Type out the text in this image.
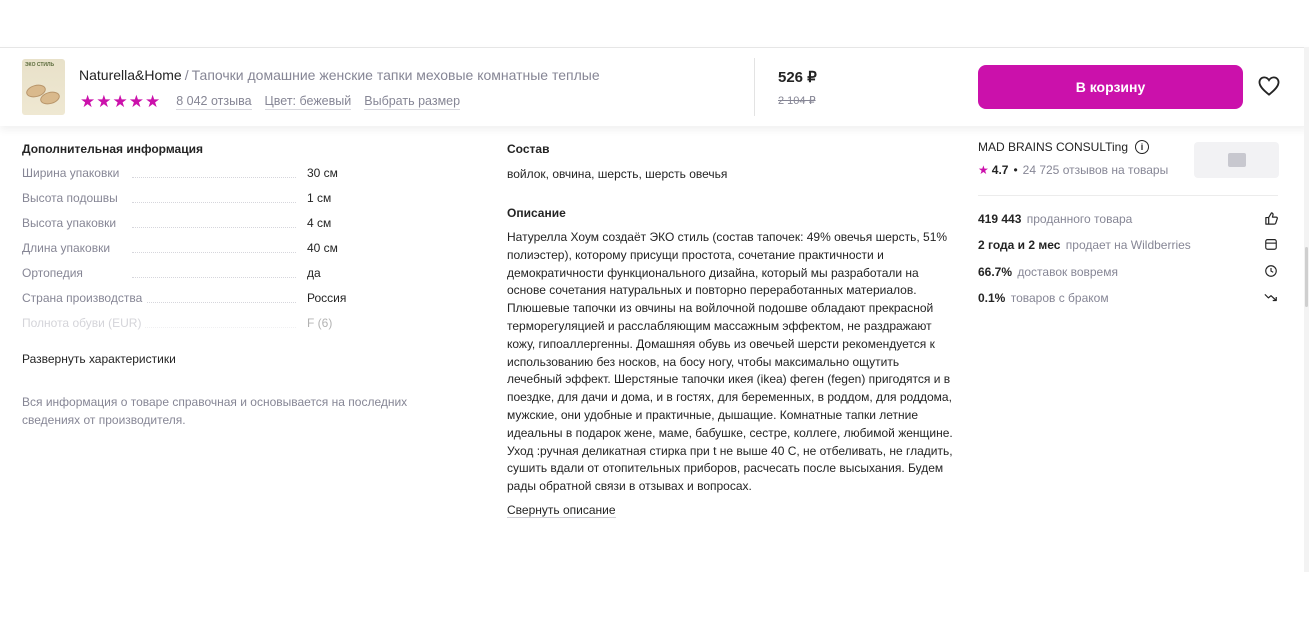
ЭКО СТИЛЬ
Naturella&Home / Тапочки домашние женские тапки меховые комнатные теплые
★★★★★ 8 042 отзыва Цвет: бежевый Выбрать размер
526 ₽
2 104 ₽
В корзину
Дополнительная информация
Ширина упаковки	30 см
Высота подошвы	1 см
Высота упаковки	4 см
Длина упаковки	40 см
Ортопедия	да
Страна производства	Россия
Полнота обуви (EUR)	F (6)
Развернуть характеристики
Вся информация о товаре справочная и основывается на последних сведениях от производителя.
Состав
войлок, овчина, шерсть, шерсть овечья
Описание
Натурелла Хоум создаёт ЭКО стиль (состав тапочек: 49% овечья шерсть, 51% полиэстер), которому присущи простота, сочетание практичности и демократичности функционального дизайна, который мы разработали на основе сочетания натуральных и повторно переработанных материалов. Плюшевые тапочки из овчины на войлочной подошве обладают прекрасной терморегуляцией и расслабляющим массажным эффектом, не раздражают кожу, гипоаллергенны. Домашняя обувь из овечьей шерсти рекомендуется к использованию без носков, на босу ногу, чтобы максимально ощутить лечебный эффект. Шерстяные тапочки икея (ikea) феген (fegen) пригодятся и в поездке, для дачи и дома, и в гостях, для беременных, в роддом, для роддома, мужские, они удобные и практичные, дышащие. Комнатные тапки летние идеальны в подарок жене, маме, бабушке, сестре, коллеге, любимой женщине. Уход :ручная деликатная стирка при t не выше 40 С, не отбеливать, не гладить, сушить вдали от отопительных приборов, расчесать после высыхания. Будем рады обратной связи в отзывах и вопросах.
Свернуть описание
MAD BRAINS CONSULTing	i
★ 4.7 • 24 725 отзывов на товары
419 443 проданного товара
2 года и 2 мес продает на Wildberries
66.7% доставок вовремя
0.1% товаров с браком
